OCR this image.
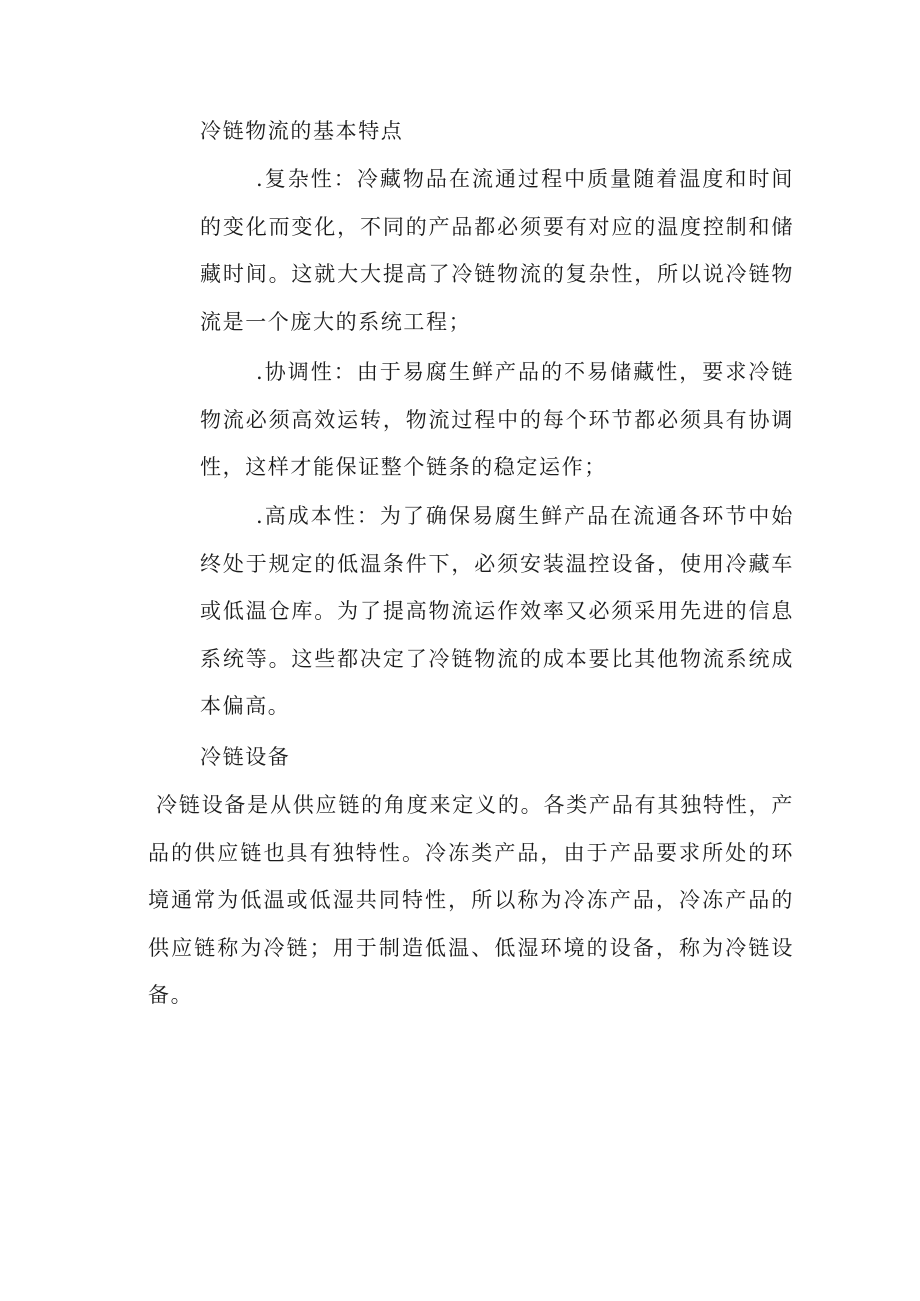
冷链物流的基本特点

.复杂性：冷藏物品在流通过程中质量随着温度和时间的变化而变化，不同的产品都必须要有对应的温度控制和储藏时间。这就大大提高了冷链物流的复杂性，所以说冷链物流是一个庞大的系统工程；

.协调性：由于易腐生鲜产品的不易储藏性，要求冷链物流必须高效运转，物流过程中的每个环节都必须具有协调性，这样才能保证整个链条的稳定运作；

.高成本性：为了确保易腐生鲜产品在流通各环节中始终处于规定的低温条件下，必须安装温控设备，使用冷藏车或低温仓库。为了提高物流运作效率又必须采用先进的信息系统等。这些都决定了冷链物流的成本要比其他物流系统成本偏高。

冷链设备

冷链设备是从供应链的角度来定义的。各类产品有其独特性，产品的供应链也具有独特性。冷冻类产品，由于产品要求所处的环境通常为低温或低湿共同特性，所以称为冷冻产品，冷冻产品的供应链称为冷链；用于制造低温、低湿环境的设备，称为冷链设备。
